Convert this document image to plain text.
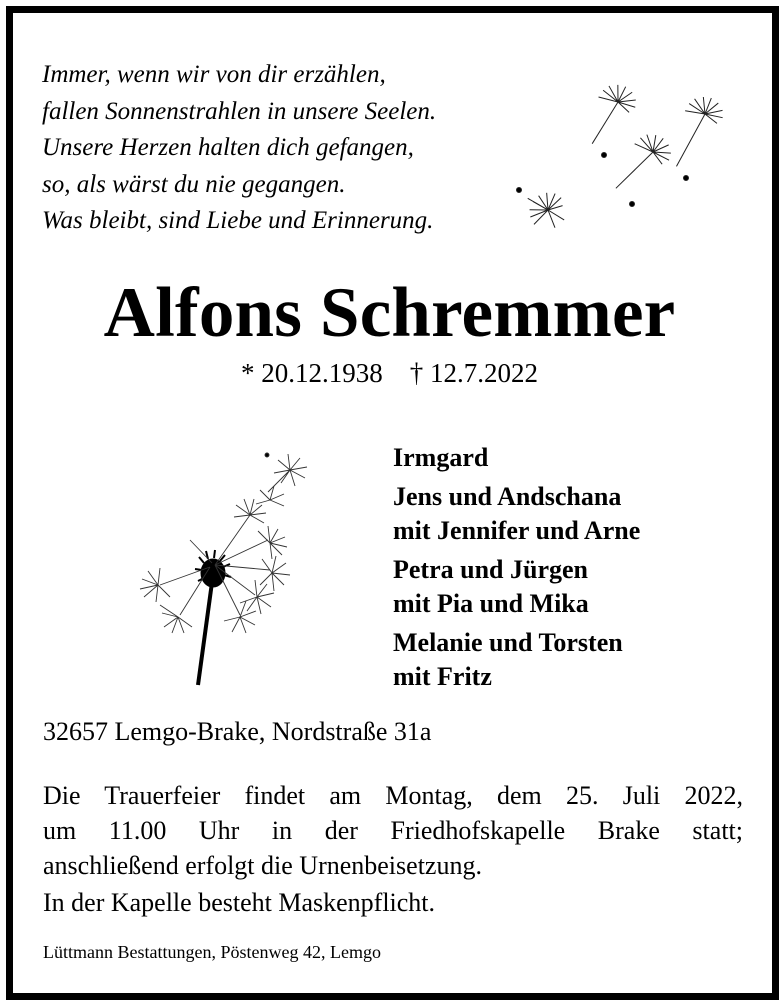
Immer, wenn wir von dir erzählen,
fallen Sonnenstrahlen in unsere Seelen.
Unsere Herzen halten dich gefangen,
so, als wärst du nie gegangen.
Was bleibt, sind Liebe und Erinnerung.
Alfons Schremmer
* 20.12.1938 † 12.7.2022
Irmgard
Jens und Andschana
mit Jennifer und Arne
Petra und Jürgen
mit Pia und Mika
Melanie und Torsten
mit Fritz
32657 Lemgo-Brake, Nordstraße 31a
Die Trauerfeier findet am Montag, dem 25. Juli 2022,
um 11.00 Uhr in der Friedhofskapelle Brake statt;
anschließend erfolgt die Urnenbeisetzung.
In der Kapelle besteht Maskenpflicht.
Lüttmann Bestattungen, Pöstenweg 42, Lemgo
